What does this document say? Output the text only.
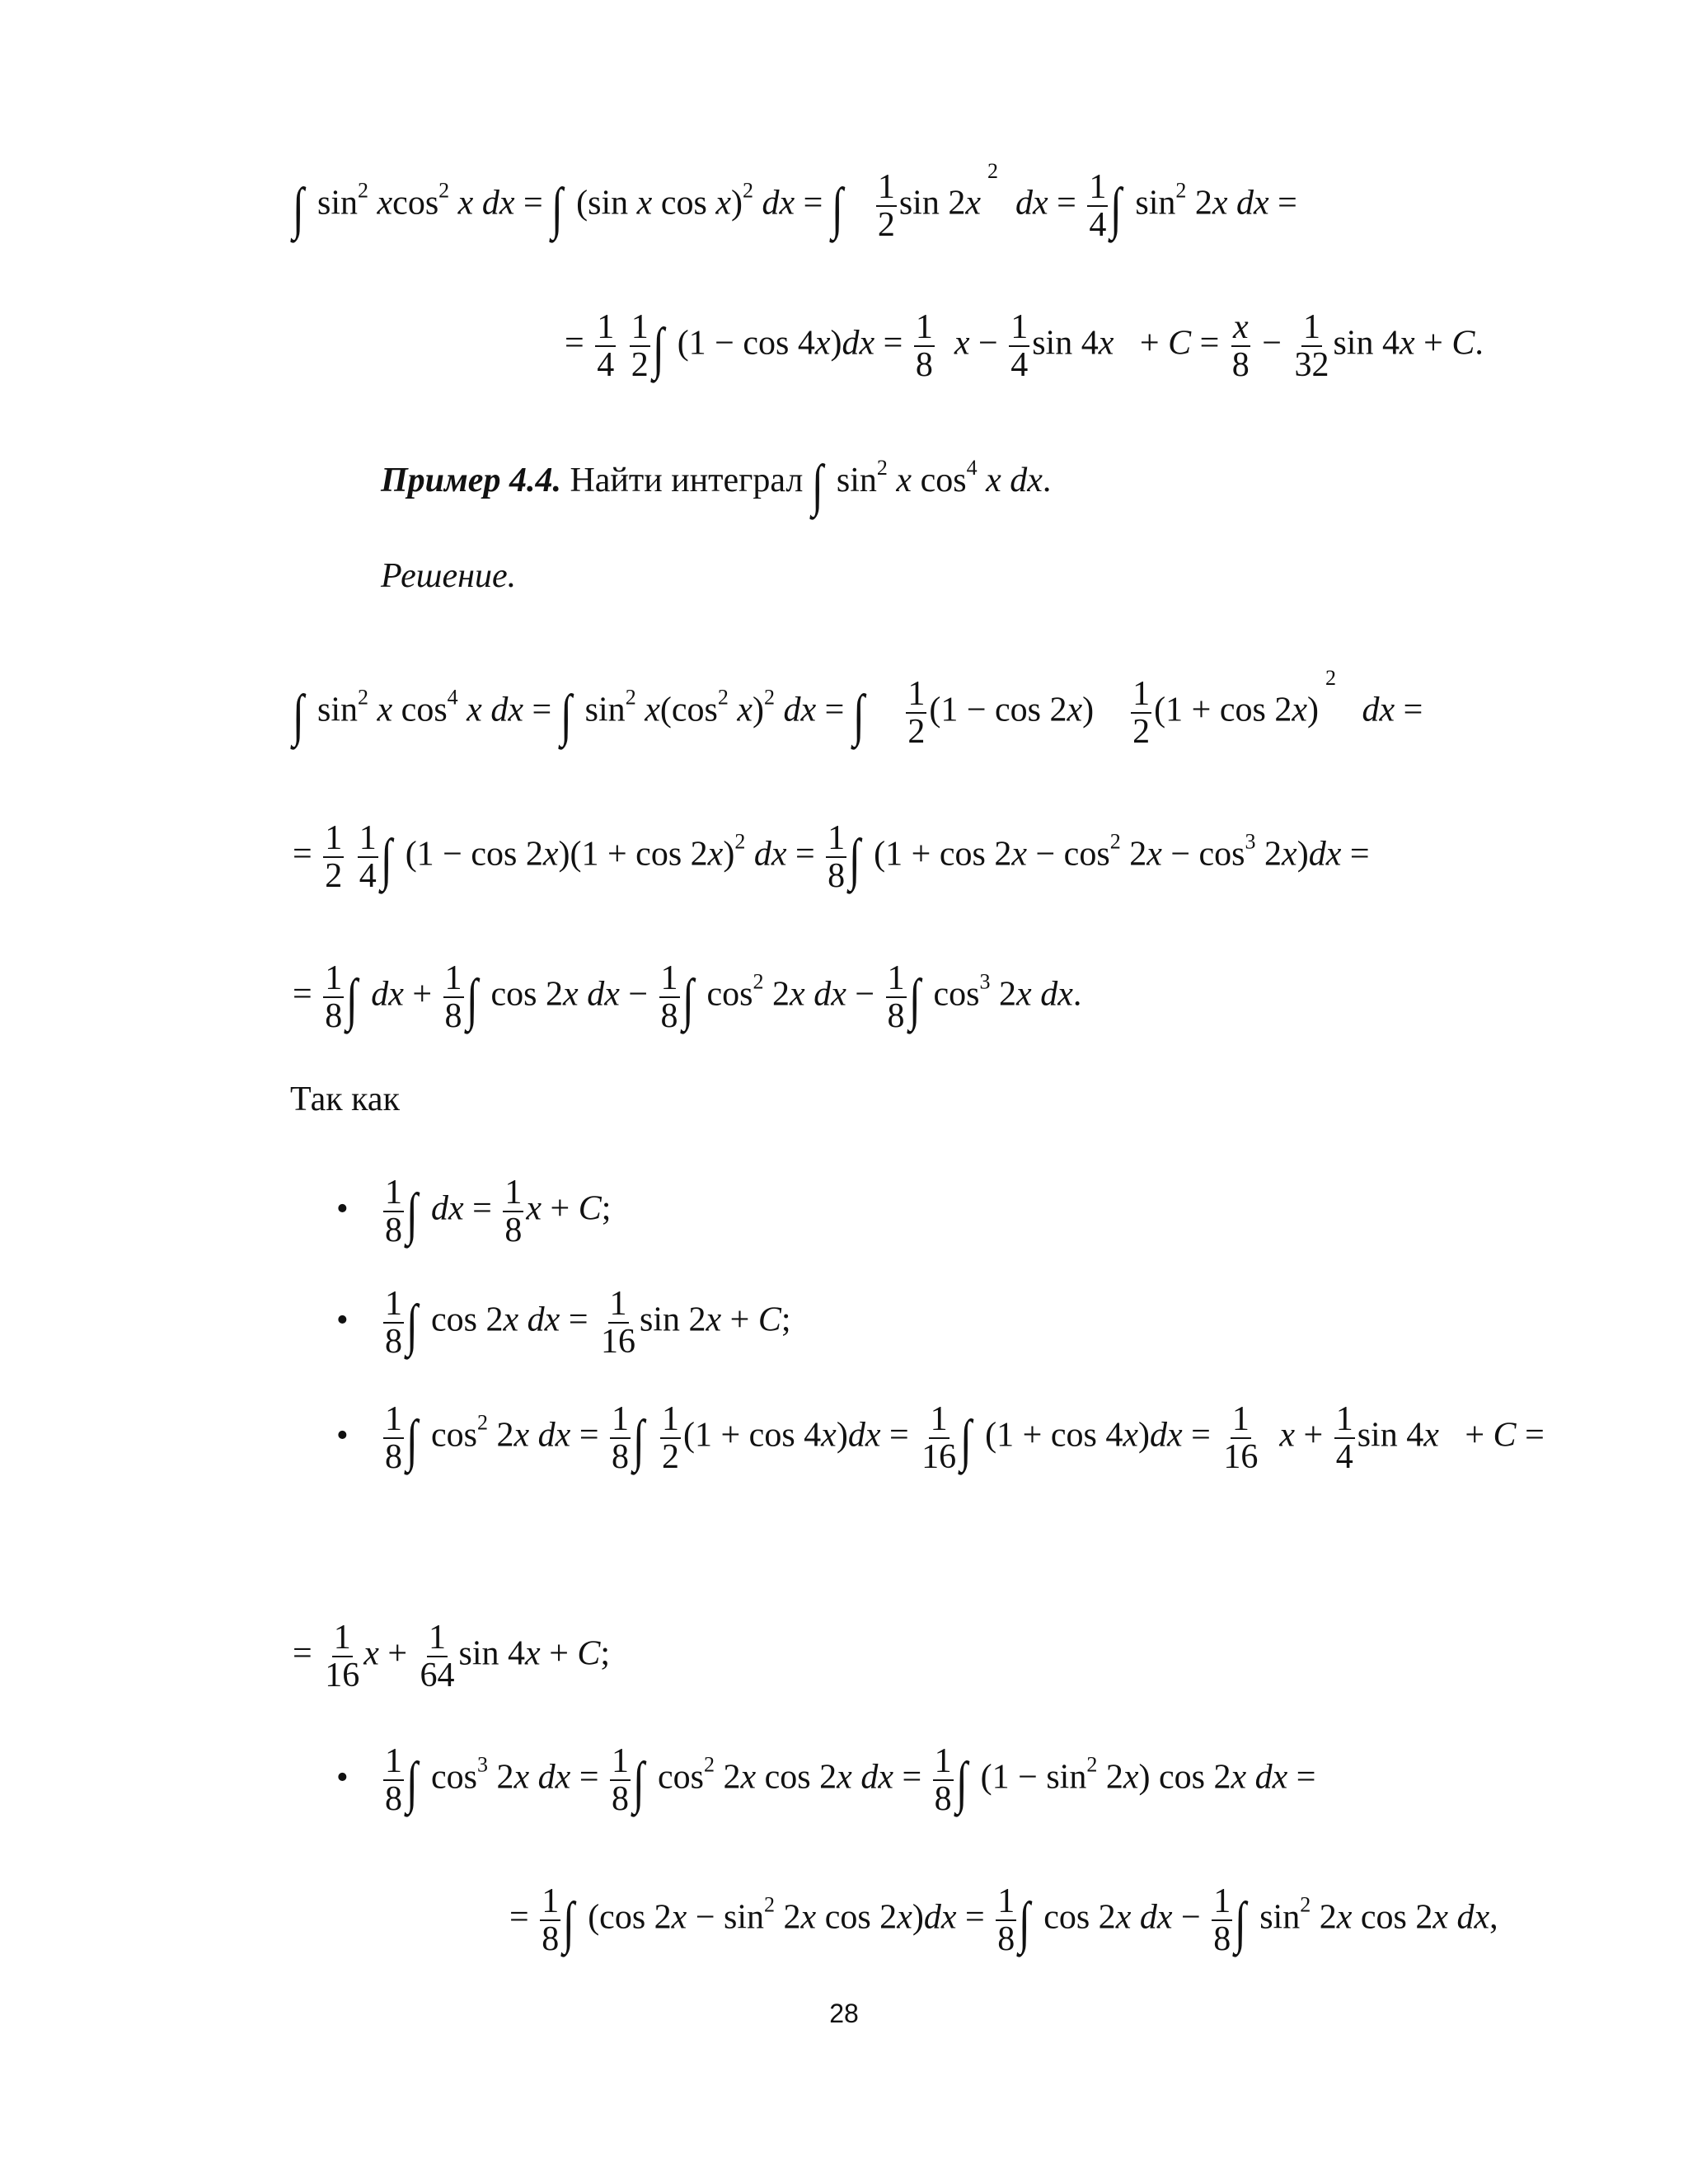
∫ $\sin^2 xcos^2$ x dx = ∫ (sin x cos x)$^2$ dx = ∫ $\frac{1}{2}$ $\sin 2x^2$  dx = $\frac{1}{4}$ ∫ $\sin^2 2x$ dx =
= $\frac{1}{4}$
$\frac{1}{2}$ ∫ $(1 - \cos 4x)dx = \frac{1}{8}$ $x - \frac{1}{4}$ $\sin 4x + C = \frac{x}{8} - \frac{1}{32}$ sin 4x + C.
Пример 4.4. Найти интеграл ∫ $\sin^2 x$ $\cos^4 x$ dx.
Решение.
∫ $\sin^2 x$ $\cos^4 x$ dx = ∫ $\sin^2 x(\cos^2$ x)$^2$ dx = ∫ $\frac{1}{2} (1 - \cos 2x) \frac{1}{2} (1 + \cos 2x)^2$   dx =
= $\frac{1}{2}$
$\frac{1}{4}$ ∫ $(1 - \cos 2x)(1 + \cos 2x)^2$ dx = $\frac{1}{8}$ ∫ $(1 + \cos 2x - \cos^2 2x - \cos^3 2x)dx$ =
= $\frac{1}{8}$ ∫ dx + $\frac{1}{8}$ ∫ cos 2x dx − $\frac{1}{8}$ ∫ $\cos^2 2x$ dx − $\frac{1}{8}$ ∫ $\cos^3 2x$ dx.
Так как
• $\frac{1}{8}$ ∫ dx = $\frac{1}{8}$ x + C;
• $\frac{1}{8}$ ∫ cos 2x dx = $\frac{1}{16}$ sin 2x + C;
• $\frac{1}{8}$ ∫ $\cos^2 2x$ dx = $\frac{1}{8}$ ∫ $\frac{1}{2} (1 + \cos 4x)dx = \frac{1}{16}$ ∫ $(1 + \cos 4x)dx = \frac{1}{16}$ $x + \frac{1}{4}$ sin 4x   + C =
= $\frac{1}{16}$ $x + \frac{1}{64}$ sin 4x + C;
• $\frac{1}{8}$ ∫ $\cos^3 2x$ dx = $\frac{1}{8}$ ∫ $\cos^2 2x$ cos 2x dx = $\frac{1}{8}$ ∫ $(1 - \sin^2 2x)$ cos 2x dx =
= $\frac{1}{8}$ ∫ (cos $2x - \sin^2 2x$ $\cos 2x)dx = \frac{1}{8}$ ∫ cos 2x dx − $\frac{1}{8}$ ∫ $\sin^2 2x$ cos 2x dx,
28
